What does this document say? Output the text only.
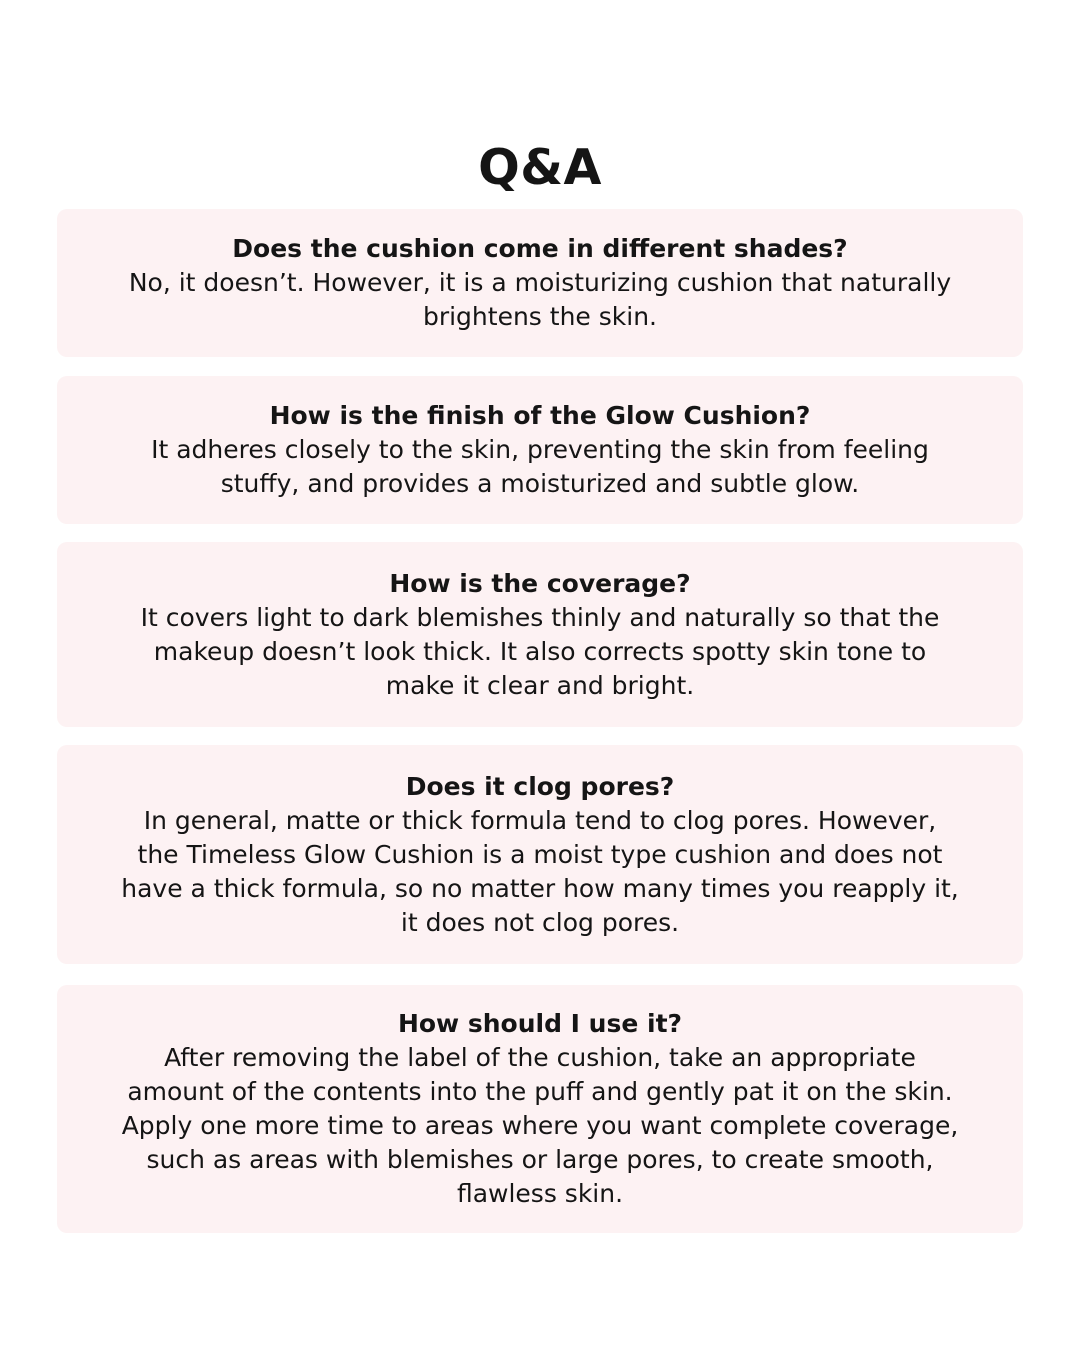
Q&A

Does the cushion come in different shades?

No, it doesn’t. However, it is a moisturizing cushion that naturally
brightens the skin.

How is the finish of the Glow Cushion?

It adheres closely to the skin, preventing the skin from feeling
stuffy, and provides a moisturized and subtle glow.

How is the coverage?

It covers light to dark blemishes thinly and naturally so that the
makeup doesn’t look thick. It also corrects spotty skin tone to
make it clear and bright.

Does it clog pores?

In general, matte or thick formula tend to clog pores. However,
the Timeless Glow Cushion is a moist type cushion and does not
have a thick formula, so no matter how many times you reapply it,
it does not clog pores.

How should I use it?

After removing the label of the cushion, take an appropriate
amount of the contents into the puff and gently pat it on the skin.
Apply one more time to areas where you want complete coverage,
such as areas with blemishes or large pores, to create smooth,
flawless skin.
